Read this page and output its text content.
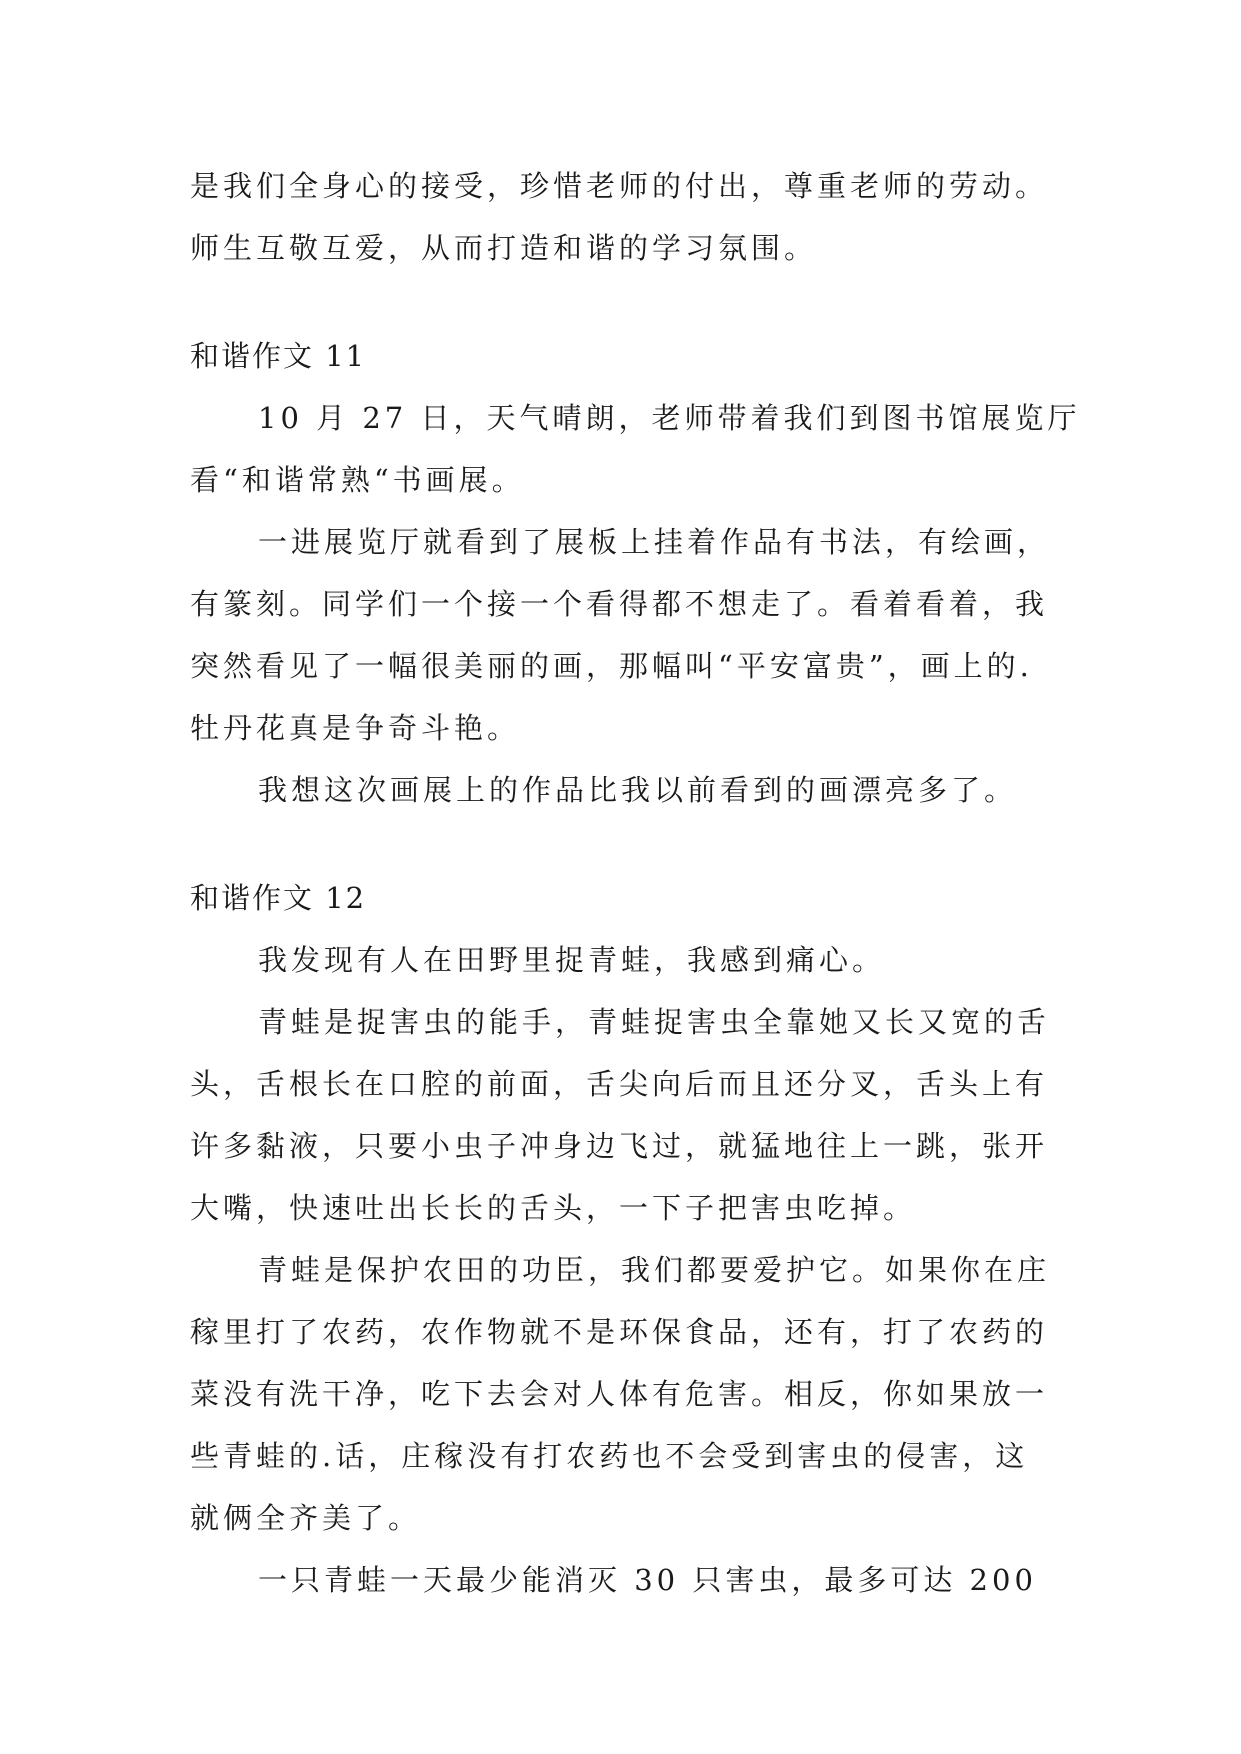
是我们全身心的接受，珍惜老师的付出，尊重老师的劳动。
师生互敬互爱，从而打造和谐的学习氛围。
和谐作文 11
10 月 27 日，天气晴朗，老师带着我们到图书馆展览厅
看“和谐常熟“书画展。
一进展览厅就看到了展板上挂着作品有书法，有绘画，
有篆刻。同学们一个接一个看得都不想走了。看着看着，我
突然看见了一幅很美丽的画，那幅叫“平安富贵”，画上的.
牡丹花真是争奇斗艳。
我想这次画展上的作品比我以前看到的画漂亮多了。
和谐作文 12
我发现有人在田野里捉青蛙，我感到痛心。
青蛙是捉害虫的能手，青蛙捉害虫全靠她又长又宽的舌
头，舌根长在口腔的前面，舌尖向后而且还分叉，舌头上有
许多黏液，只要小虫子冲身边飞过，就猛地往上一跳，张开
大嘴，快速吐出长长的舌头，一下子把害虫吃掉。
青蛙是保护农田的功臣，我们都要爱护它。如果你在庄
稼里打了农药，农作物就不是环保食品，还有，打了农药的
菜没有洗干净，吃下去会对人体有危害。相反，你如果放一
些青蛙的.话，庄稼没有打农药也不会受到害虫的侵害，这
就俩全齐美了。
一只青蛙一天最少能消灭 30 只害虫，最多可达 200
